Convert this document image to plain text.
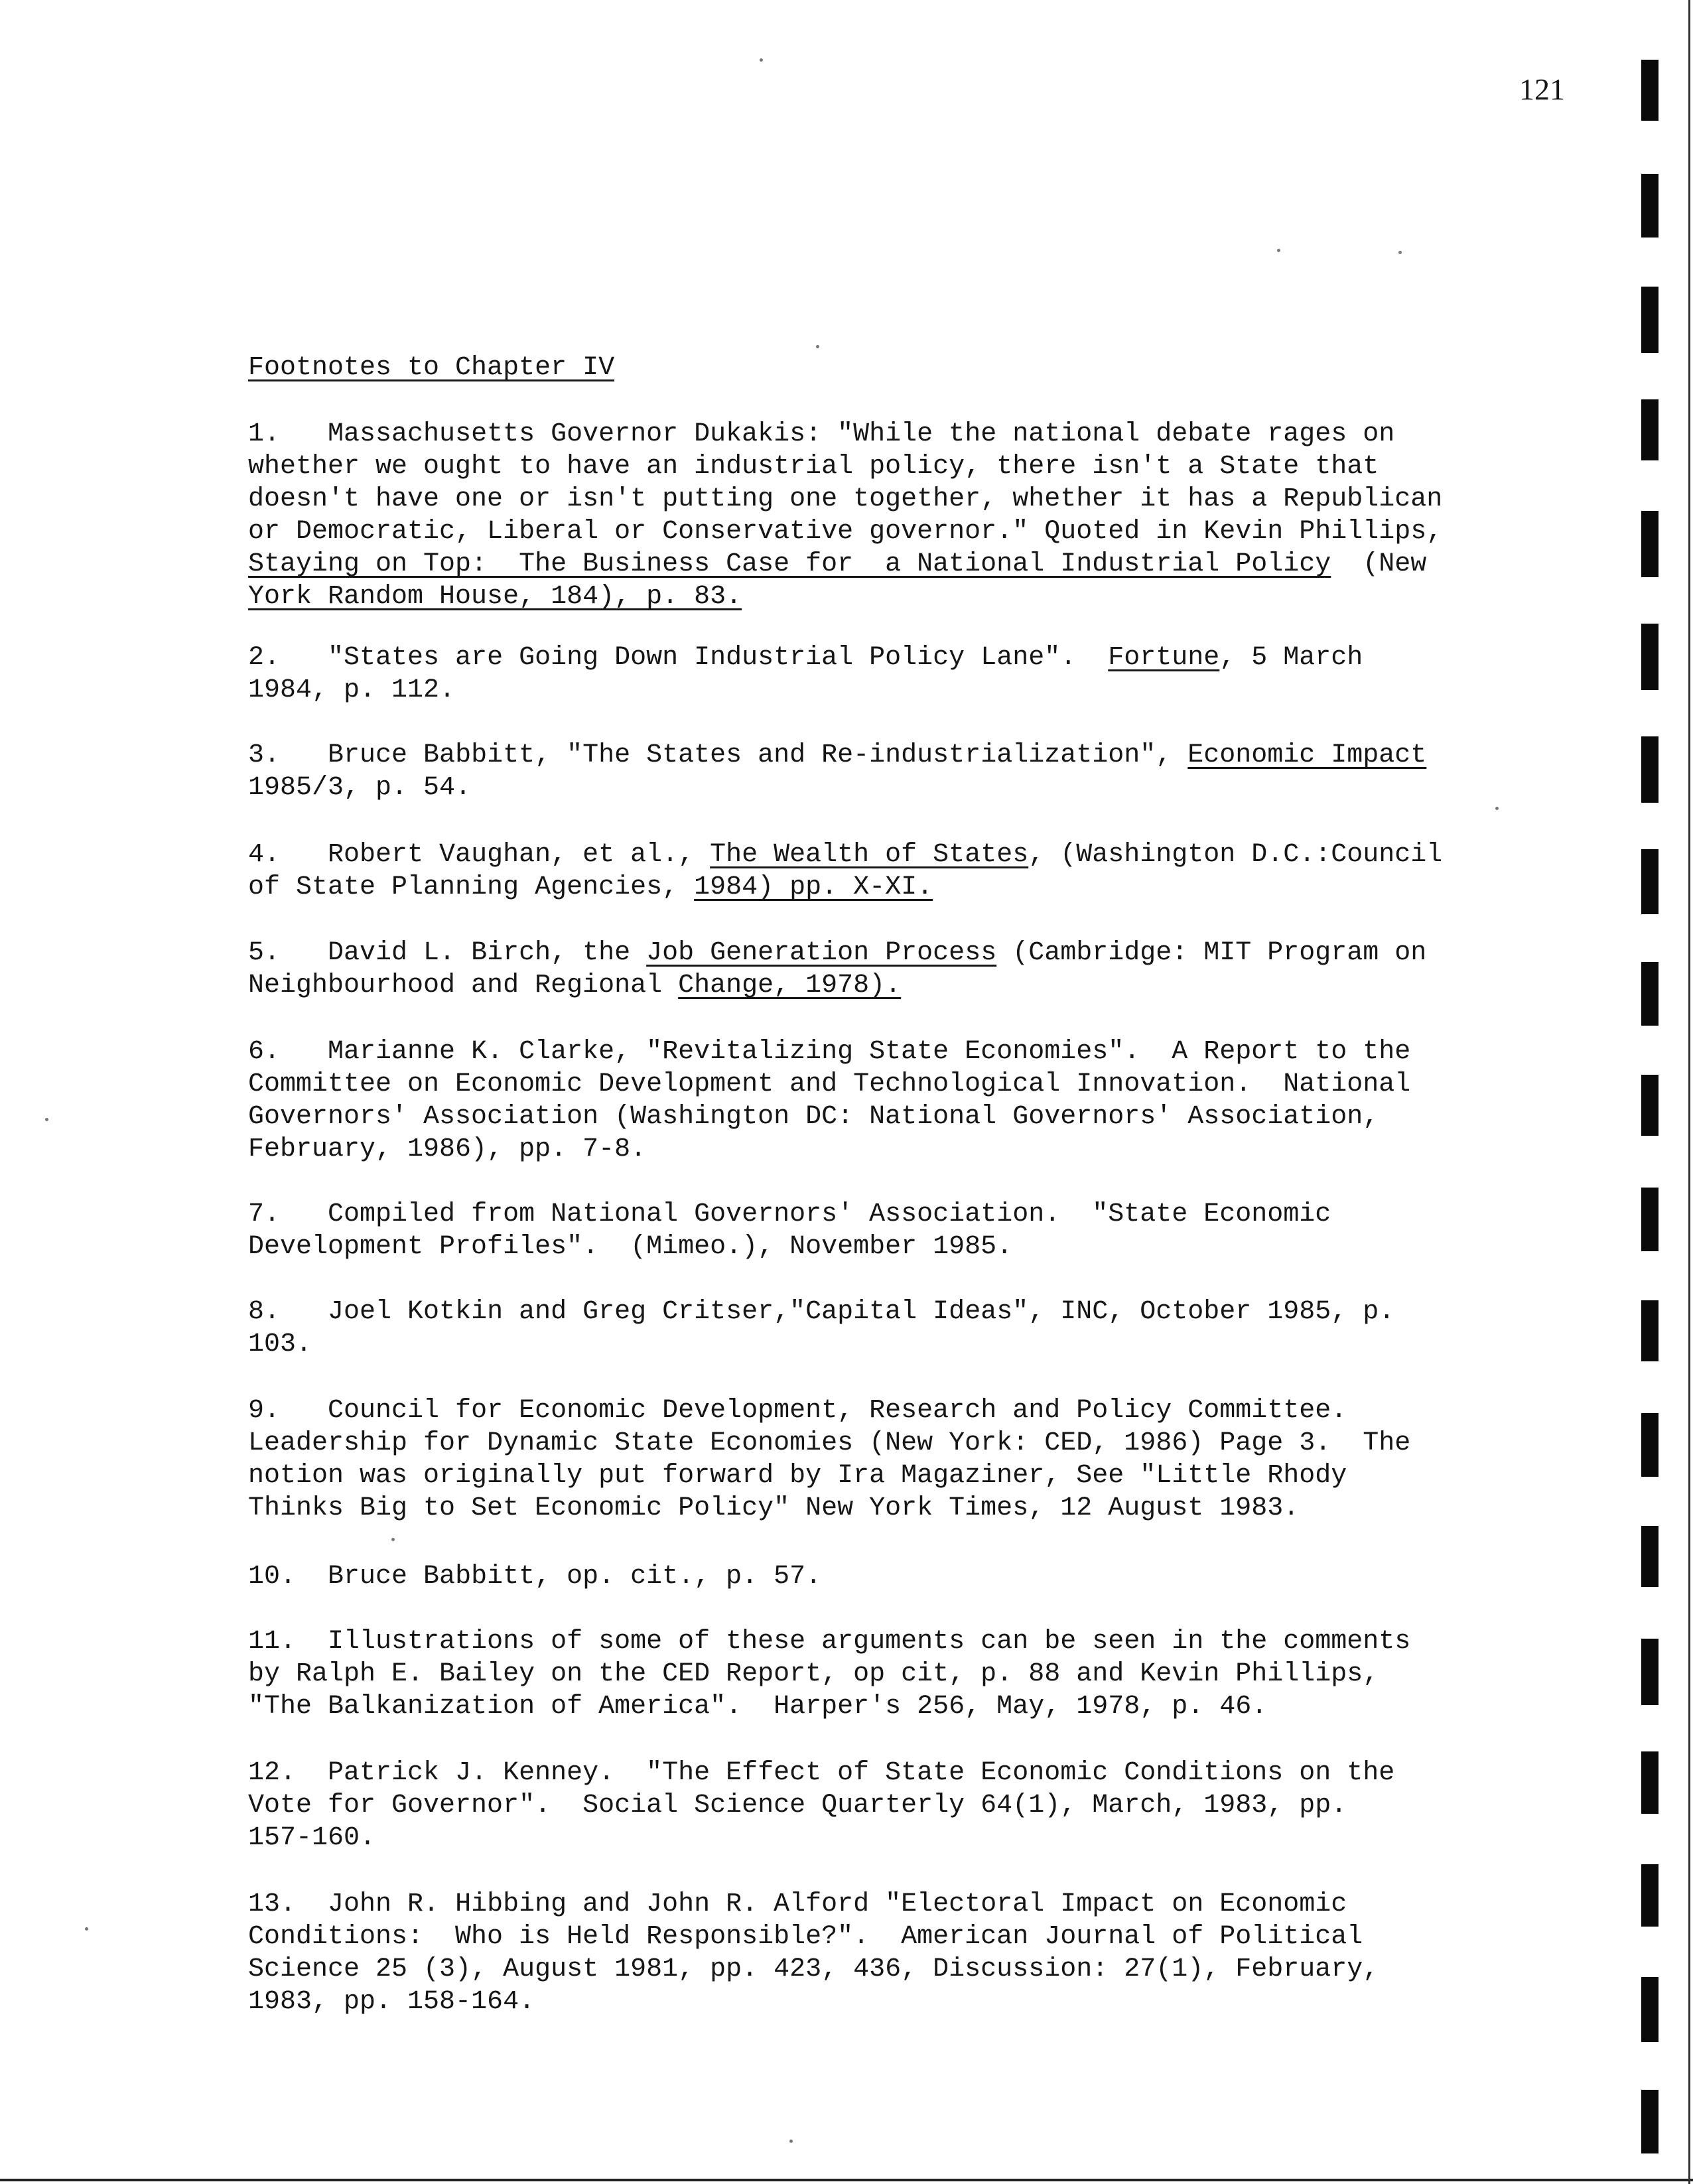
121
Footnotes to Chapter IV
1. Massachusetts Governor Dukakis: "While the national debate rages on
whether we ought to have an industrial policy, there isn't a State that
doesn't have one or isn't putting one together, whether it has a Republican
or Democratic, Liberal or Conservative governor." Quoted in Kevin Phillips,
Staying on Top:  The Business Case for  a National Industrial Policy  (New
York Random House, 184), p. 83.
2. "States are Going Down Industrial Policy Lane".  Fortune, 5 March
1984, p. 112.
3. Bruce Babbitt, "The States and Re-industrialization", Economic Impact
1985/3, p. 54.
4. Robert Vaughan, et al., The Wealth of States, (Washington D.C.:Council
of State Planning Agencies, 1984) pp. X-XI.
5. David L. Birch, the Job Generation Process (Cambridge: MIT Program on
Neighbourhood and Regional Change, 1978).
6. Marianne K. Clarke, "Revitalizing State Economies".  A Report to the
Committee on Economic Development and Technological Innovation.  National
Governors' Association (Washington DC: National Governors' Association,
February, 1986), pp. 7-8.
7. Compiled from National Governors' Association.  "State Economic
Development Profiles".  (Mimeo.), November 1985.
8. Joel Kotkin and Greg Critser,"Capital Ideas", INC, October 1985, p.
103.
9. Council for Economic Development, Research and Policy Committee.
Leadership for Dynamic State Economies (New York: CED, 1986) Page 3.  The
notion was originally put forward by Ira Magaziner, See "Little Rhody
Thinks Big to Set Economic Policy" New York Times, 12 August 1983.
10. Bruce Babbitt, op. cit., p. 57.
11. Illustrations of some of these arguments can be seen in the comments
by Ralph E. Bailey on the CED Report, op cit, p. 88 and Kevin Phillips,
"The Balkanization of America".  Harper's 256, May, 1978, p. 46.
12. Patrick J. Kenney.  "The Effect of State Economic Conditions on the
Vote for Governor".  Social Science Quarterly 64(1), March, 1983, pp.
157-160.
13. John R. Hibbing and John R. Alford "Electoral Impact on Economic
Conditions:  Who is Held Responsible?".  American Journal of Political
Science 25 (3), August 1981, pp. 423, 436, Discussion: 27(1), February,
1983, pp. 158-164.
